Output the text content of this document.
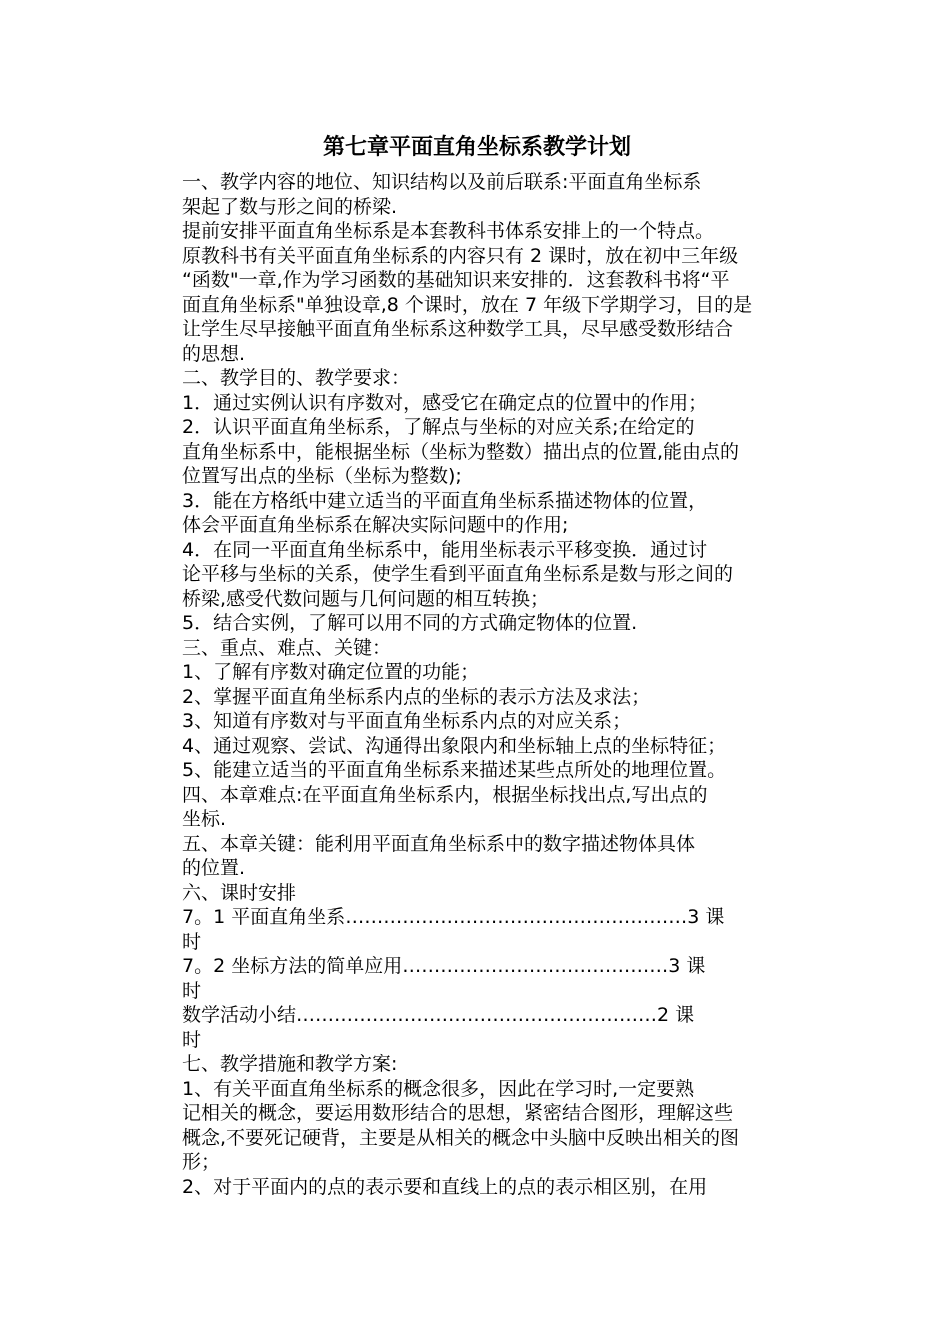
第七章平面直角坐标系教学计划

一、教学内容的地位、知识结构以及前后联系:平面直角坐标系
架起了数与形之间的桥梁.

提前安排平面直角坐标系是本套教科书体系安排上的一个特点。
原教科书有关平面直角坐标系的内容只有 2 课时，放在初中三年级
“函数"一章,作为学习函数的基础知识来安排的．这套教科书将“平
面直角坐标系"单独设章,8 个课时，放在 7 年级下学期学习，目的是
让学生尽早接触平面直角坐标系这种数学工具，尽早感受数形结合
的思想.

二、教学目的、教学要求：

1．通过实例认识有序数对，感受它在确定点的位置中的作用；

2．认识平面直角坐标系，了解点与坐标的对应关系;在给定的
直角坐标系中，能根据坐标（坐标为整数）描出点的位置,能由点的
位置写出点的坐标（坐标为整数);

3．能在方格纸中建立适当的平面直角坐标系描述物体的位置，
体会平面直角坐标系在解决实际问题中的作用;

4．在同一平面直角坐标系中，能用坐标表示平移变换．通过讨
论平移与坐标的关系，使学生看到平面直角坐标系是数与形之间的
桥梁,感受代数问题与几何问题的相互转换；

5．结合实例，了解可以用不同的方式确定物体的位置.

三、重点、难点、关键：

1、了解有序数对确定位置的功能；

2、掌握平面直角坐标系内点的坐标的表示方法及求法；

3、知道有序数对与平面直角坐标系内点的对应关系；

4、通过观察、尝试、沟通得出象限内和坐标轴上点的坐标特征；

5、能建立适当的平面直角坐标系来描述某些点所处的地理位置。

四、本章难点:在平面直角坐标系内，根据坐标找出点,写出点的
坐标.

五、本章关键：能利用平面直角坐标系中的数字描述物体具体
的位置.

六、课时安排

7。1 平面直角坐系………………………………………………3 课
时

7。2 坐标方法的简单应用……………………………………3 课
时

数学活动小结…………………………………………………2 课
时

七、教学措施和教学方案:

1、有关平面直角坐标系的概念很多，因此在学习时,一定要熟
记相关的概念，要运用数形结合的思想，紧密结合图形，理解这些
概念,不要死记硬背，主要是从相关的概念中头脑中反映出相关的图
形；

2、对于平面内的点的表示要和直线上的点的表示相区别，在用
